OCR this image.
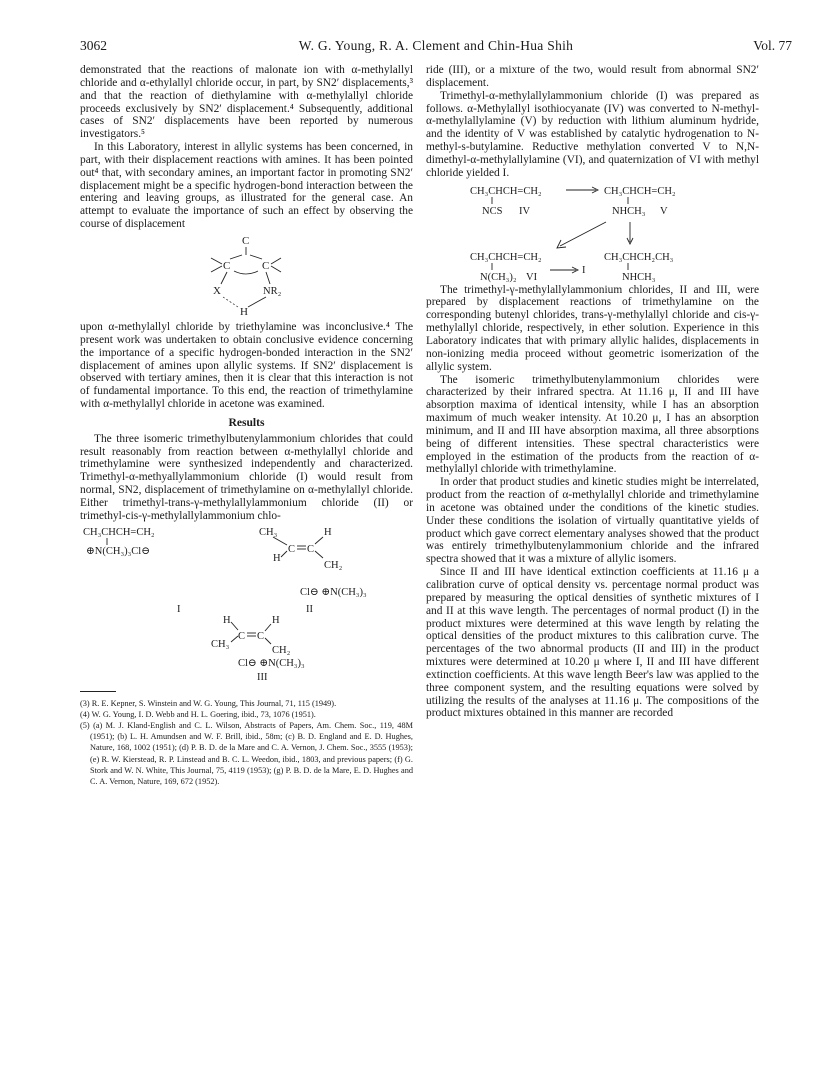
3062	W. G. Young, R. A. Clement and Chin-Hua Shih	Vol. 77

demonstrated that the reactions of malonate ion with α-methylallyl chloride and α-ethylallyl chloride occur, in part, by SN2′ displacements,³ and that the reaction of diethylamine with α-methylallyl chloride proceeds exclusively by SN2′ displacement.⁴ Subsequently, additional cases of SN2′ displacements have been reported by numerous investigators.⁵

In this Laboratory, interest in allylic systems has been concerned, in part, with their displacement reactions with amines. It has been pointed out⁴ that, with secondary amines, an important factor in promoting SN2′ displacement might be a specific hydrogen-bond interaction between the entering and leaving groups, as illustrated for the general case. An attempt to evaluate the importance of such an effect by observing the course of displacement

C
C	C
X	NR₂
H

upon α-methylallyl chloride by triethylamine was inconclusive.⁴ The present work was undertaken to obtain conclusive evidence concerning the importance of a specific hydrogen-bonded interaction in the SN2′ displacement of amines upon allylic systems. If SN2′ displacement is observed with tertiary amines, then it is clear that this interaction is not of fundamental importance. To this end, the reaction of trimethylamine with α-methylallyl chloride in acetone was examined.

Results

The three isomeric trimethylbutenylammonium chlorides that could result reasonably from reaction between α-methylallyl chloride and trimethylamine were synthesized independently and characterized. Trimethyl-α-methyallylammonium chloride (I) would result from normal, SN2, displacement of trimethylamine on α-methylallyl chloride. Either trimethyl-trans-γ-methylallylammonium chloride (II) or trimethyl-cis-γ-methylallylammonium chlo-

CH₃CHCH=CH₂
⊕N(CH₃)₃Cl⊖
I
CH₃
H
C C
H
CH₂
Cl⊖ ⊕N(CH₃)₃
II
H
CH₃
C C
H
CH₂
Cl⊖ ⊕N(CH₃)₃
III

(3) R. E. Kepner, S. Winstein and W. G. Young, This Journal, 71, 115 (1949).

(4) W. G. Young, I. D. Webb and H. L. Goering, ibid., 73, 1076 (1951).

(5) (a) M. J. Kland-English and C. L. Wilson, Abstracts of Papers, Am. Chem. Soc., 119, 48M (1951); (b) L. H. Amundsen and W. F. Brill, ibid., 58m; (c) B. D. England and E. D. Hughes, Nature, 168, 1002 (1951); (d) P. B. D. de la Mare and C. A. Vernon, J. Chem. Soc., 3555 (1953); (e) R. W. Kierstead, R. P. Linstead and B. C. L. Weedon, ibid., 1803, and previous papers; (f) G. Stork and W. N. White, This Journal, 75, 4119 (1953); (g) P. B. D. de la Mare, E. D. Hughes and C. A. Vernon, Nature, 169, 672 (1952).

ride (III), or a mixture of the two, would result from abnormal SN2′ displacement.

Trimethyl-α-methylallylammonium chloride (I) was prepared as follows. α-Methylallyl isothiocyanate (IV) was converted to N-methyl-α-methylallylamine (V) by reduction with lithium aluminum hydride, and the identity of V was established by catalytic hydrogenation to N-methyl-s-butylamine. Reductive methylation converted V to N,N-dimethyl-α-methylallylamine (VI), and quaternization of VI with methyl chloride yielded I.

CH₃CHCH=CH₂
NCS IV
CH₃CHCH=CH₂
NHCH₃ V
CH₃CHCH=CH₂
N(CH₃)₂ VI
I
CH₃CHCH₂CH₃
NHCH₃

The trimethyl-γ-methylallylammonium chlorides, II and III, were prepared by displacement reactions of trimethylamine on the corresponding butenyl chlorides, trans-γ-methylallyl chloride and cis-γ-methylallyl chloride, respectively, in ether solution. Experience in this Laboratory indicates that with primary allylic halides, displacements in non-ionizing media proceed without geometric isomerization of the allylic system.

The isomeric trimethylbutenylammonium chlorides were characterized by their infrared spectra. At 11.16 μ, II and III have absorption maxima of identical intensity, while I has an absorption maximum of much weaker intensity. At 10.20 μ, I has an absorption minimum, and II and III have absorption maxima, all three absorptions being of different intensities. These spectral characteristics were employed in the estimation of the products from the reaction of α-methylallyl chloride with trimethylamine.

In order that product studies and kinetic studies might be interrelated, product from the reaction of α-methylallyl chloride and trimethylamine in acetone was obtained under the conditions of the kinetic studies. Under these conditions the isolation of virtually quantitative yields of product which gave correct elementary analyses showed that the product was entirely trimethylbutenylammonium chloride and the infrared spectra showed that it was a mixture of allylic isomers.

Since II and III have identical extinction coefficients at 11.16 μ a calibration curve of optical density vs. percentage normal product was prepared by measuring the optical densities of synthetic mixtures of I and II at this wave length. The percentages of normal product (I) in the product mixtures were determined at this wave length by relating the optical densities of the product mixtures to this calibration curve. The percentages of the two abnormal products (II and III) in the product mixtures were determined at 10.20 μ where I, II and III have different extinction coefficients. At this wave length Beer's law was applied to the three component system, and the resulting equations were solved by utilizing the results of the analyses at 11.16 μ. The compositions of the product mixtures obtained in this manner are recorded
